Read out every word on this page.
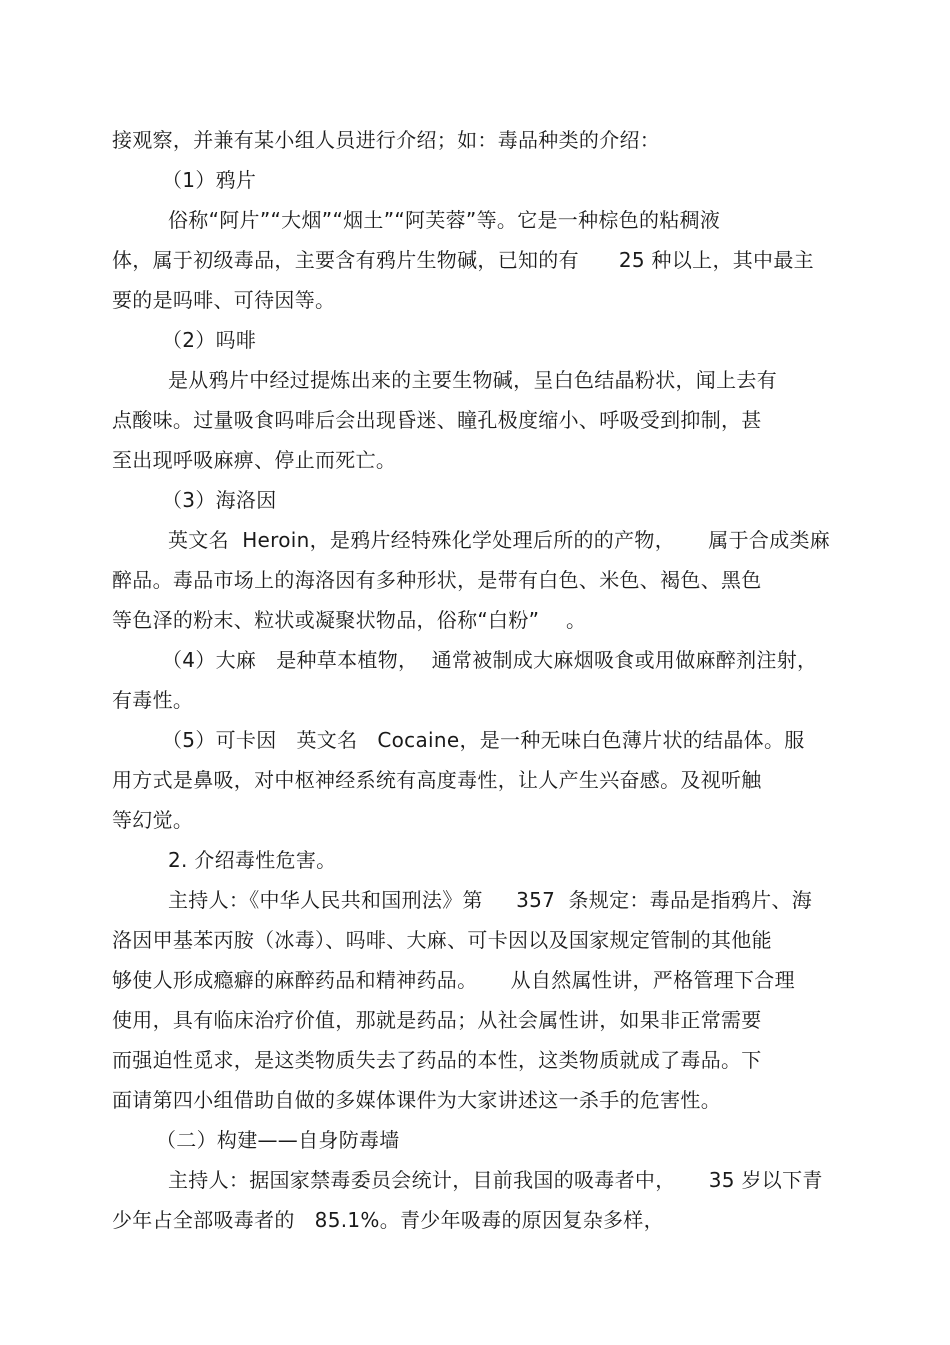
接观察，并兼有某小组人员进行介绍；如：毒品种类的介绍：
（1）鸦片
俗称“阿片”“大烟”“烟土”“阿芙蓉”等。它是一种棕色的粘稠液
体，属于初级毒品，主要含有鸦片生物碱，已知的有      25 种以上，其中最主
要的是吗啡、可待因等。
（2）吗啡
是从鸦片中经过提炼出来的主要生物碱，呈白色结晶粉状，闻上去有
点酸味。过量吸食吗啡后会出现昏迷、瞳孔极度缩小、呼吸受到抑制，甚
至出现呼吸麻痹、停止而死亡。
（3）海洛因
英文名  Heroin，是鸦片经特殊化学处理后所的的产物，     属于合成类麻
醉品。毒品市场上的海洛因有多种形状，是带有白色、米色、褐色、黑色
等色泽的粉末、粒状或凝聚状物品，俗称“白粉”    。
（4）大麻   是种草本植物，  通常被制成大麻烟吸食或用做麻醉剂注射，
有毒性。
（5）可卡因   英文名   Cocaine，是一种无味白色薄片状的结晶体。服
用方式是鼻吸，对中枢神经系统有高度毒性，让人产生兴奋感。及视听触
等幻觉。
2. 介绍毒性危害。
主持人：《中华人民共和国刑法》第     357  条规定：毒品是指鸦片、海
洛因甲基苯丙胺（冰毒）、吗啡、大麻、可卡因以及国家规定管制的其他能
够使人形成瘾癖的麻醉药品和精神药品。     从自然属性讲，严格管理下合理
使用，具有临床治疗价值，那就是药品；从社会属性讲，如果非正常需要
而强迫性觅求，是这类物质失去了药品的本性，这类物质就成了毒品。下
面请第四小组借助自做的多媒体课件为大家讲述这一杀手的危害性。
（二）构建——自身防毒墙
主持人：据国家禁毒委员会统计，目前我国的吸毒者中，     35 岁以下青
少年占全部吸毒者的   85.1%。青少年吸毒的原因复杂多样，
